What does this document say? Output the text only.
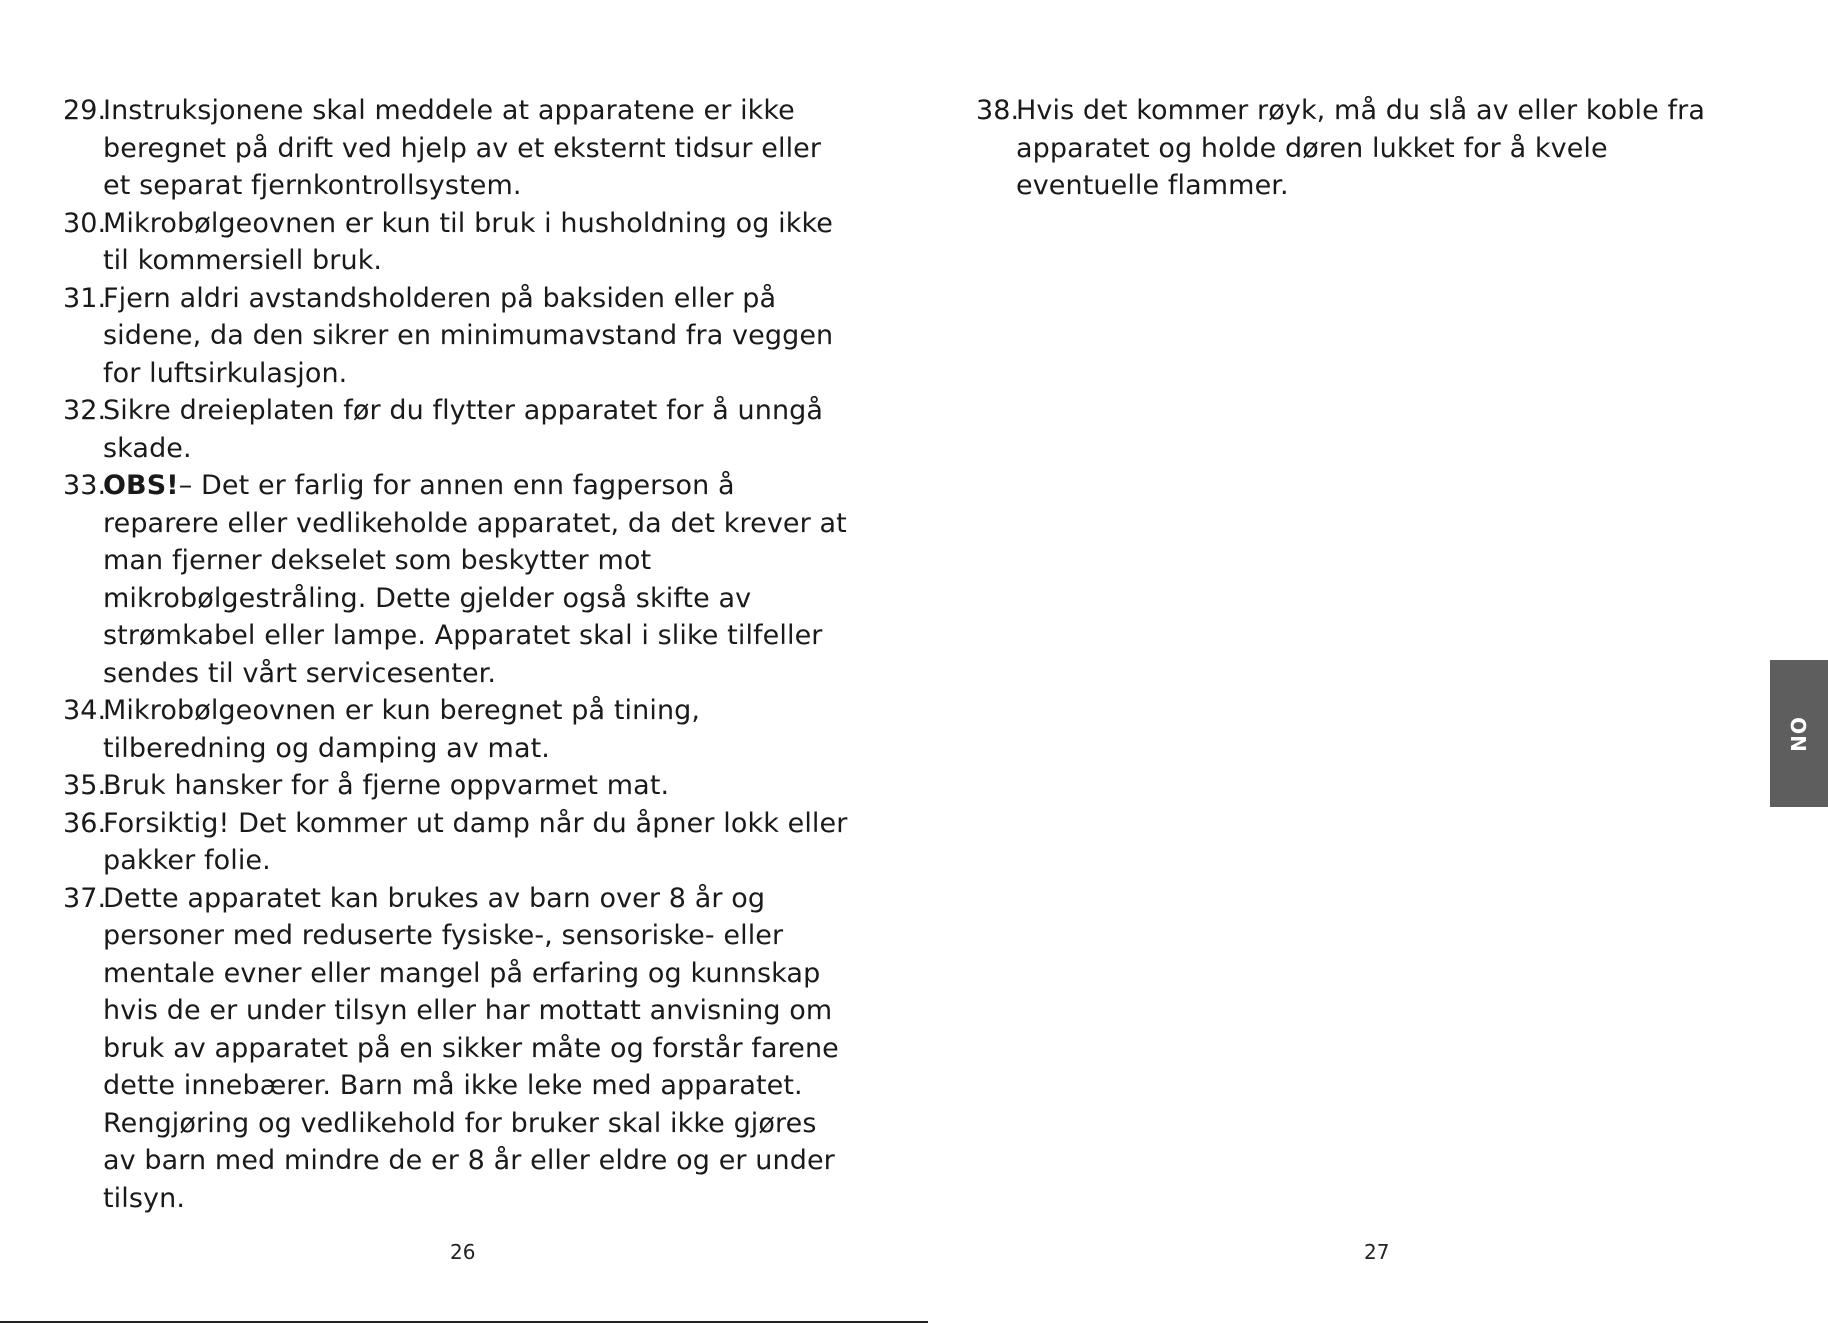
29.
Instruksjonene skal meddele at apparatene er ikke beregnet på drift ved hjelp av et eksternt tidsur eller et separat fjernkontrollsystem.
30.
Mikrobølgeovnen er kun til bruk i husholdning og ikke til kommersiell bruk.
31.
Fjern aldri avstandsholderen på baksiden eller på sidene, da den sikrer en minimumavstand fra veggen for luftsirkulasjon.
32.
Sikre dreieplaten før du flytter apparatet for å unngå skade.
33.
OBS!– Det er farlig for annen enn fagperson å reparere eller vedlikeholde apparatet, da det krever at man fjerner dekselet som beskytter mot mikrobølgestråling. Dette gjelder også skifte av strømkabel eller lampe. Apparatet skal i slike tilfeller sendes til vårt servicesenter.
34.
Mikrobølgeovnen er kun beregnet på tining, tilberedning og damping av mat.
35.
Bruk hansker for å fjerne oppvarmet mat.
36.
Forsiktig! Det kommer ut damp når du åpner lokk eller pakker folie.
37.
Dette apparatet kan brukes av barn over 8 år og personer med reduserte fysiske-, sensoriske- eller mentale evner eller mangel på erfaring og kunnskap hvis de er under tilsyn eller har mottatt anvisning om bruk av apparatet på en sikker måte og forstår farene dette innebærer. Barn må ikke leke med apparatet. Rengjøring og vedlikehold for bruker skal ikke gjøres av barn med mindre de er 8 år eller eldre og er under tilsyn.
26
38.
Hvis det kommer røyk, må du slå av eller koble fra apparatet og holde døren lukket for å kvele eventuelle flammer.
27
NO
